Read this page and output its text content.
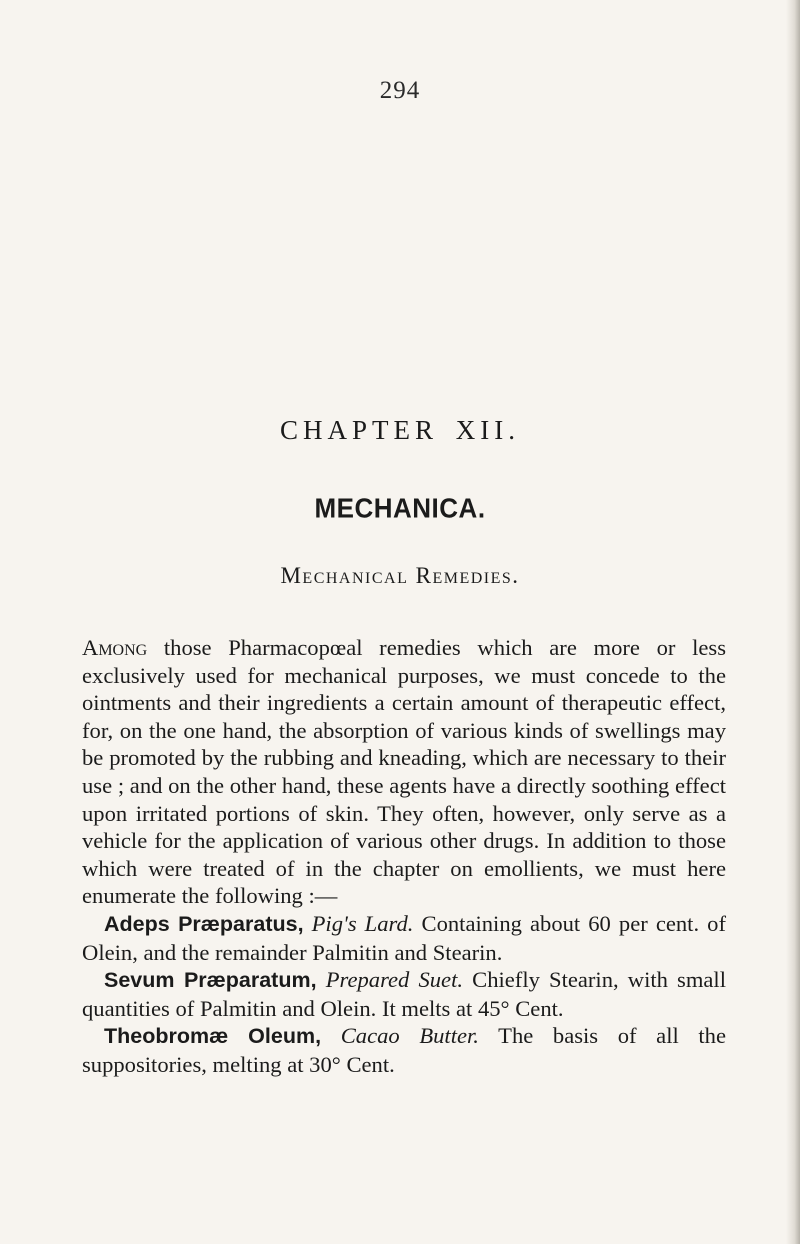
294
CHAPTER XII.
MECHANICA.
Mechanical Remedies.

Among those Pharmacopœal remedies which are more or less exclusively used for mechanical purposes, we must concede to the ointments and their ingredients a certain amount of therapeutic effect, for, on the one hand, the absorption of various kinds of swellings may be promoted by the rubbing and kneading, which are necessary to their use ; and on the other hand, these agents have a directly soothing effect upon irritated portions of skin. They often, however, only serve as a vehicle for the application of various other drugs. In addition to those which were treated of in the chapter on emollients, we must here enumerate the following :—

Adeps Præparatus, Pig's Lard. Containing about 60 per cent. of Olein, and the remainder Palmitin and Stearin.

Sevum Præparatum, Prepared Suet. Chiefly Stearin, with small quantities of Palmitin and Olein. It melts at 45° Cent.

Theobromæ Oleum, Cacao Butter. The basis of all the suppositories, melting at 30° Cent.
